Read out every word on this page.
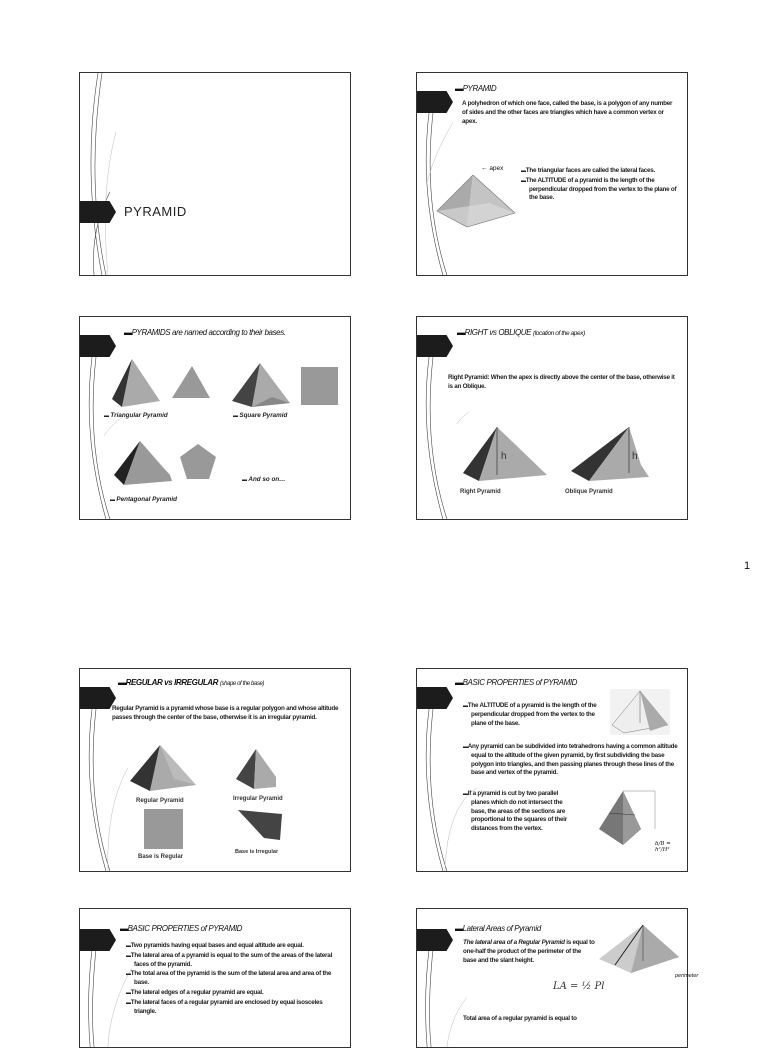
PYRAMID
▬PYRAMID
A polyhedron of which one face, called the base, is a polygon of any number of sides and the other faces are triangles which have a common vertex or apex.
← apex	▬ The triangular faces are called the lateral faces.
▬ The ALTITUDE of a pyramid is the length of the perpendicular dropped from the vertex to the plane of the base.
▬PYRAMIDS are named according to their bases.
▬ Triangular Pyramid	▬ Square Pyramid
▬ And so on…
▬ Pentagonal Pyramid
▬RIGHT vs OBLIQUE (location of the apex)
Right Pyramid: When the apex is directly above the center of the base, otherwise it is an Oblique.
h
Right Pyramid
h
Oblique Pyramid
1
▬REGULAR vs IRREGULAR (shape of the base)
Regular Pyramid is a pyramid whose base is a regular polygon and whose altitude passes through the center of the base, otherwise it is an irregular pyramid.
Regular Pyramid	Irregular Pyramid
Base is Regular
Base is Irregular
▬BASIC PROPERTIES of PYRAMID
▬ The ALTITUDE of a pyramid is the length of the perpendicular dropped from the vertex to the plane of the base.
▬ Any pyramid can be subdivided into tetrahedrons having a common altitude equal to the altitude of the given pyramid, by first subdividing the base polygon into triangles, and then passing planes through these lines of the base and vertex of the pyramid.
▬ If a pyramid is cut by two parallel planes which do not intersect the base, the areas of the sections are proportional to the squares of their distances from the vertex.
b/B = h²/H²
▬BASIC PROPERTIES of PYRAMID
▬ Two pyramids having equal bases and equal altitude are equal.
▬ The lateral area of a pyramid is equal to the sum of the areas of the lateral faces of the pyramid.
▬ The total area of the pyramid is the sum of the lateral area and area of the base.
▬ The lateral edges of a regular pyramid are equal.
▬ The lateral faces of a regular pyramid are enclosed by equal isosceles triangle.
▬Lateral Areas of Pyramid
The lateral area of a Regular Pyramid is equal to one-half the product of the perimeter of the base and the slant height.
LA = ½ Pl
perimeter
Total area of a regular pyramid is equal to
